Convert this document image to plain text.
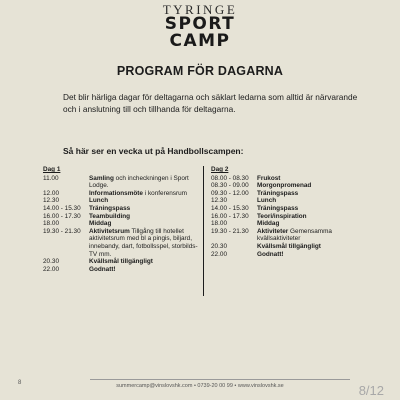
TYRINGE
SPORT
CAMP
PROGRAM FÖR DAGARNA
Det blir härliga dagar för deltagarna och säklart ledarna som alltid är närvarande och i anslutning till och tillhanda för deltagarna.
Så här ser en vecka ut på Handbollscampen:
Dag 1
11.00	Samling och incheckningen i Sport Lodge.
12.00	Informationsmöte i konferensrum
12.30	Lunch
14.00 - 15.30	Träningspass
16.00 - 17.30	Teambuilding
18.00	Middag
19.30 - 21.30	Aktivitetsrum Tillgång till hotellet aktivitetsrum med bl a pingis, biljard, innebandy, dart, fotbollsspel, storbilds-TV mm.
20.30	Kvällsmål tillgängligt
22.00	Godnatt!
Dag 2
08.00 - 08.30	Frukost
08.30 - 09.00	Morgonpromenad
09.30 - 12.00	Träningspass
12.30	Lunch
14.00 - 15.30	Träningspass
16.00 - 17.30	Teori/inspiration
18.00	Middag
19.30 - 21.30	Aktiviteter Gemensamma kvällsaktiviteter
20.30	Kvällsmål tillgängligt
22.00	Godnatt!
8	summercamp@vinslovshk.com • 0739-20 00 99 • www.vinslovshk.se	8/12
